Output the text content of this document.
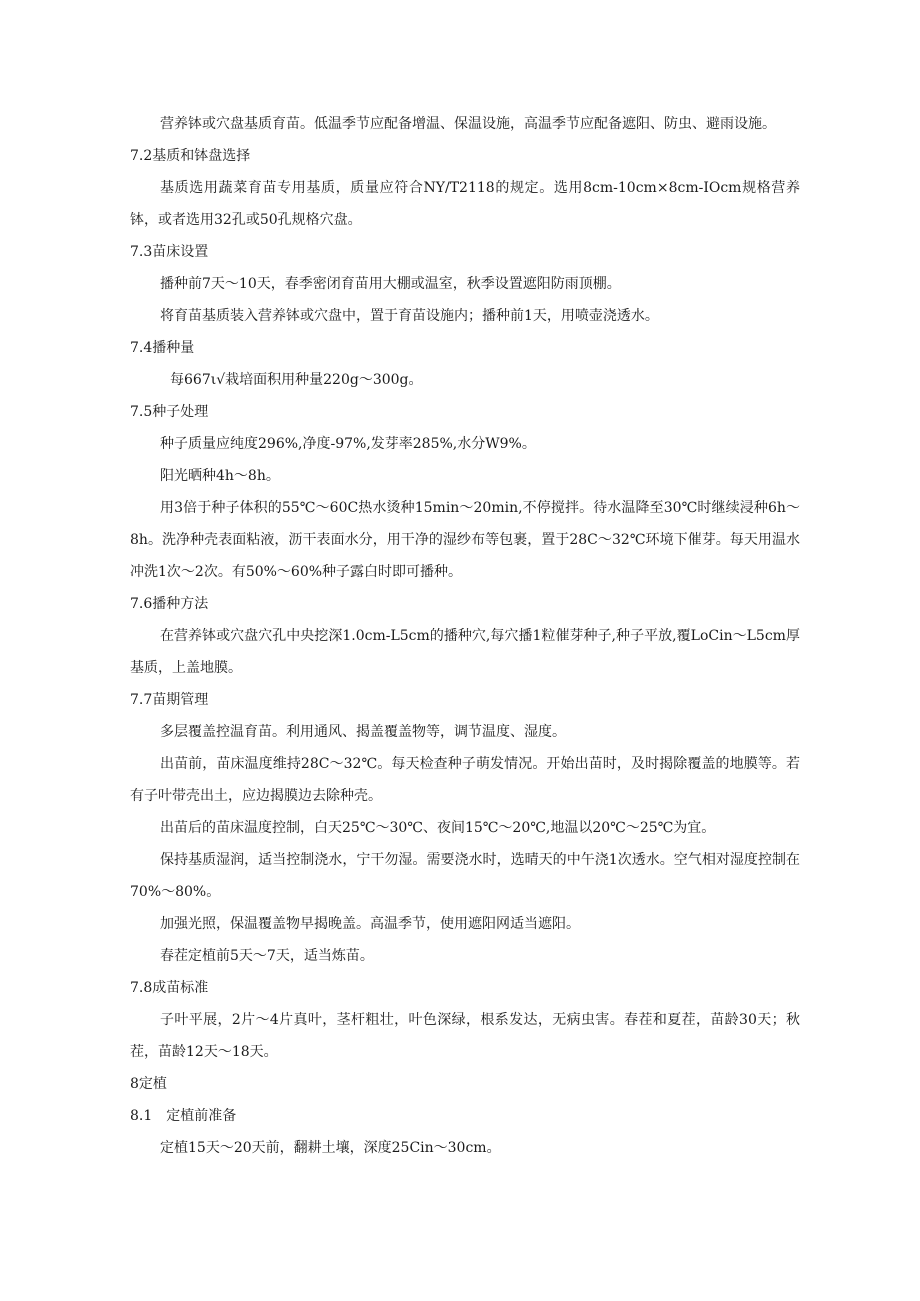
营养钵或穴盘基质育苗。低温季节应配备增温、保温设施，高温季节应配备遮阳、防虫、避雨设施。

7.2基质和钵盘选择

基质选用蔬菜育苗专用基质，质量应符合NY/T2118的规定。选用8cm-10cm×8cm-IOcm规格营养钵，或者选用32孔或50孔规格穴盘。

7.3苗床设置

播种前7天～10天，春季密闭育苗用大棚或温室，秋季设置遮阳防雨顶棚。

将育苗基质装入营养钵或穴盘中，置于育苗设施内；播种前1天，用喷壶浇透水。

7.4播种量

每667ι√栽培面积用种量220g～300g。

7.5种子处理

种子质量应纯度296%,净度-97%,发芽率285%,水分W9%。

阳光晒种4h～8h。

用3倍于种子体积的55℃～60C热水烫种15min～20min,不停搅拌。待水温降至30℃时继续浸种6h～8h。洗净种壳表面粘液，沥干表面水分，用干净的湿纱布等包裹，置于28C～32℃环境下催芽。每天用温水冲洗1次～2次。有50%～60%种子露白时即可播种。

7.6播种方法

在营养钵或穴盘穴孔中央挖深1.0cm-L5cm的播种穴,每穴播1粒催芽种子,种子平放,覆LoCin～L5cm厚基质，上盖地膜。

7.7苗期管理

多层覆盖控温育苗。利用通风、揭盖覆盖物等，调节温度、湿度。

出苗前，苗床温度维持28C～32℃。每天检查种子萌发情况。开始出苗时，及时揭除覆盖的地膜等。若有子叶带壳出土，应边揭膜边去除种壳。

出苗后的苗床温度控制，白天25℃～30℃、夜间15℃～20℃,地温以20℃～25℃为宜。

保持基质湿润，适当控制浇水，宁干勿湿。需要浇水时，选晴天的中午浇1次透水。空气相对湿度控制在70%～80%。

加强光照，保温覆盖物早揭晚盖。高温季节，使用遮阳网适当遮阳。

春茬定植前5天～7天，适当炼苗。

7.8成苗标准

子叶平展，2片～4片真叶，茎杆粗壮，叶色深绿，根系发达，无病虫害。春茬和夏茬，苗龄30天；秋茬，苗龄12天～18天。

8定植

8.1　定植前准备

定植15天～20天前，翻耕土壤，深度25Cin～30cm。
